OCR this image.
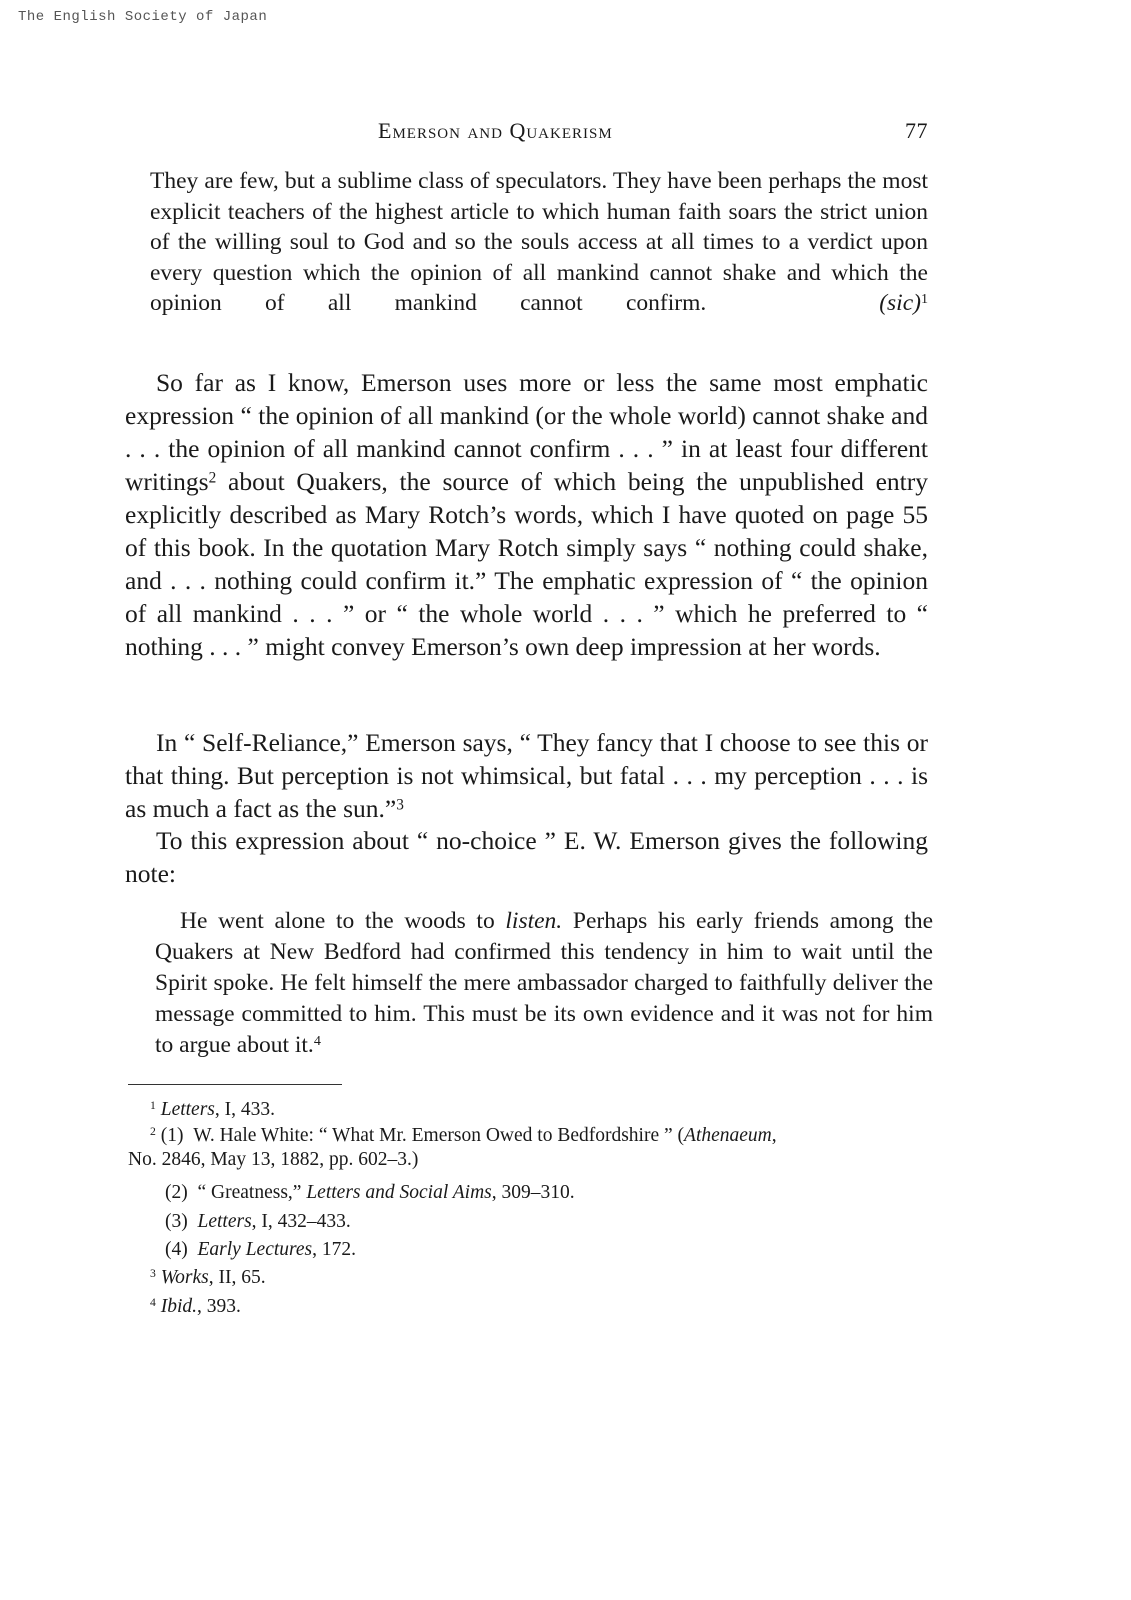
The English Society of Japan
Emerson and Quakerism	77

They are few, but a sublime class of speculators. They have been perhaps the most explicit teachers of the highest article to which human faith soars the strict union of the willing soul to God and so the souls access at all times to a verdict upon every question which the opinion of all mankind cannot shake and which the opinion of all mankind cannot confirm.	(sic)$^1$

So far as I know, Emerson uses more or less the same most emphatic expression “ the opinion of all mankind (or the whole world) cannot shake and . . . the opinion of all mankind cannot confirm . . . ” in at least four different writings$^2$ about Quakers, the source of which being the unpublished entry explicitly described as Mary Rotch’s words, which I have quoted on page 55 of this book. In the quotation Mary Rotch simply says “ nothing could shake, and . . . nothing could confirm it.” The emphatic expression of “ the opinion of all mankind . . . ” or “ the whole world . . . ” which he preferred to “ nothing . . . ” might convey Emerson’s own deep impression at her words.

In “ Self-Reliance,” Emerson says, “ They fancy that I choose to see this or that thing. But perception is not whimsical, but fatal . . . my perception . . . is as much a fact as the sun.”$^3$

To this expression about “ no-choice ” E. W. Emerson gives the following note:

He went alone to the woods to listen. Perhaps his early friends among the Quakers at New Bedford had confirmed this tendency in him to wait until the Spirit spoke. He felt himself the mere ambassador charged to faithfully deliver the message committed to him. This must be its own evidence and it was not for him to argue about it.$^4$

$^1$ Letters, I, 433.

$^2$ (1) W. Hale White: “ What Mr. Emerson Owed to Bedfordshire ” (Athenaeum,
No. 2846, May 13, 1882, pp. 602–3.)

(2) “ Greatness,” Letters and Social Aims, 309–310.

(3) Letters, I, 432–433.

(4) Early Lectures, 172.

$^3$ Works, II, 65.

$^4$ Ibid., 393.
